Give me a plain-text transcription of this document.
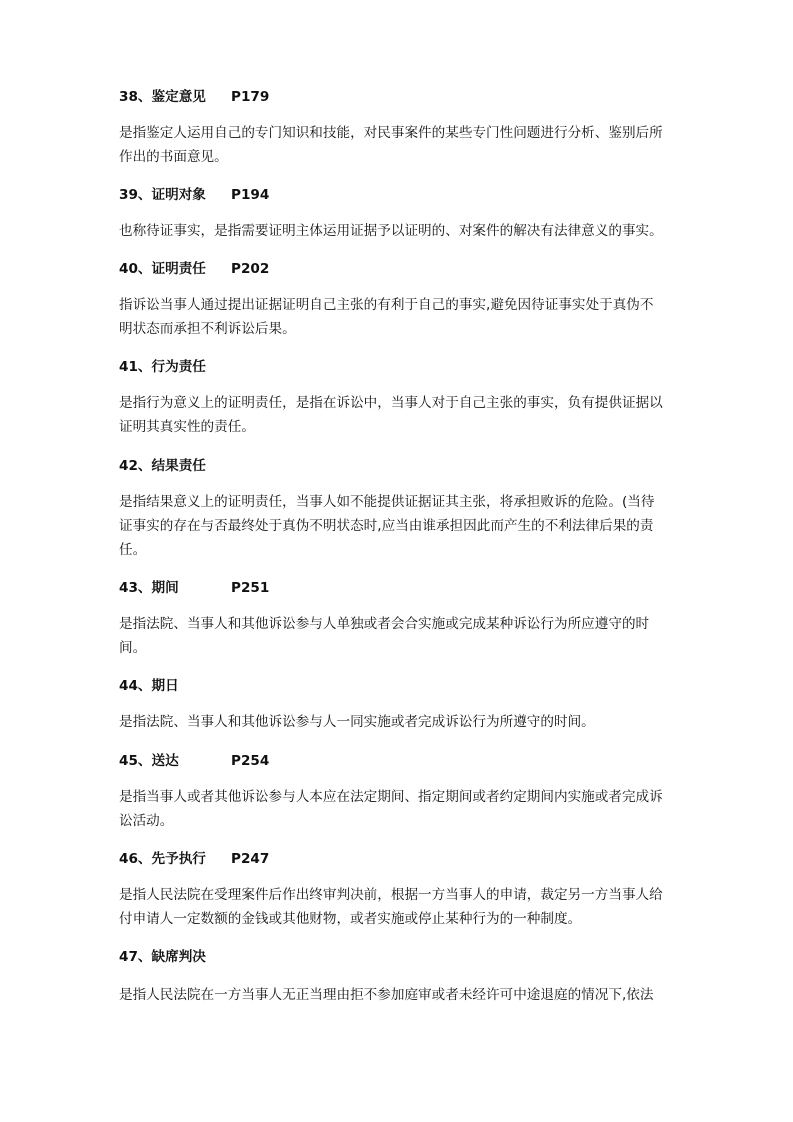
38、鉴定意见 P179
是指鉴定人运用自己的专门知识和技能，对民事案件的某些专门性问题进行分析、鉴别后所
作出的书面意见。
39、证明对象 P194
也称待证事实，是指需要证明主体运用证据予以证明的、对案件的解决有法律意义的事实。
40、证明责任 P202
指诉讼当事人通过提出证据证明自己主张的有利于自己的事实,避免因待证事实处于真伪不
明状态而承担不利诉讼后果。
41、行为责任
是指行为意义上的证明责任，是指在诉讼中，当事人对于自己主张的事实，负有提供证据以
证明其真实性的责任。
42、结果责任
是指结果意义上的证明责任，当事人如不能提供证据证其主张，将承担败诉的危险。(当待
证事实的存在与否最终处于真伪不明状态时,应当由谁承担因此而产生的不利法律后果的责
任。
43、期间	P251
是指法院、当事人和其他诉讼参与人单独或者会合实施或完成某种诉讼行为所应遵守的时
间。
44、期日
是指法院、当事人和其他诉讼参与人一同实施或者完成诉讼行为所遵守的时间。
45、送达	P254
是指当事人或者其他诉讼参与人本应在法定期间、指定期间或者约定期间内实施或者完成诉
讼活动。
46、先予执行 P247
是指人民法院在受理案件后作出终审判决前，根据一方当事人的申请，裁定另一方当事人给
付申请人一定数额的金钱或其他财物，或者实施或停止某种行为的一种制度。
47、缺席判决
是指人民法院在一方当事人无正当理由拒不参加庭审或者未经许可中途退庭的情况下,依法
